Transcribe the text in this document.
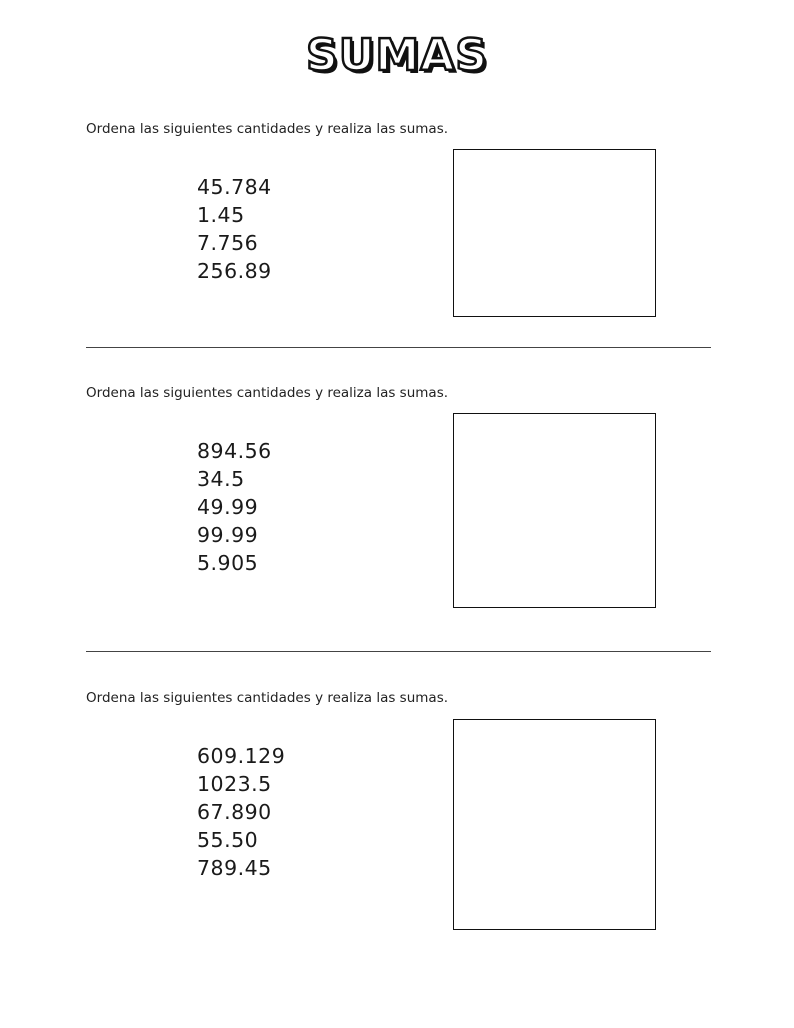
SUMAS
Ordena las siguientes cantidades y realiza las sumas.
45.784
1.45
7.756
256.89
Ordena las siguientes cantidades y realiza las sumas.
894.56
34.5
49.99
99.99
5.905
Ordena las siguientes cantidades y realiza las sumas.
609.129
1023.5
67.890
55.50
789.45
